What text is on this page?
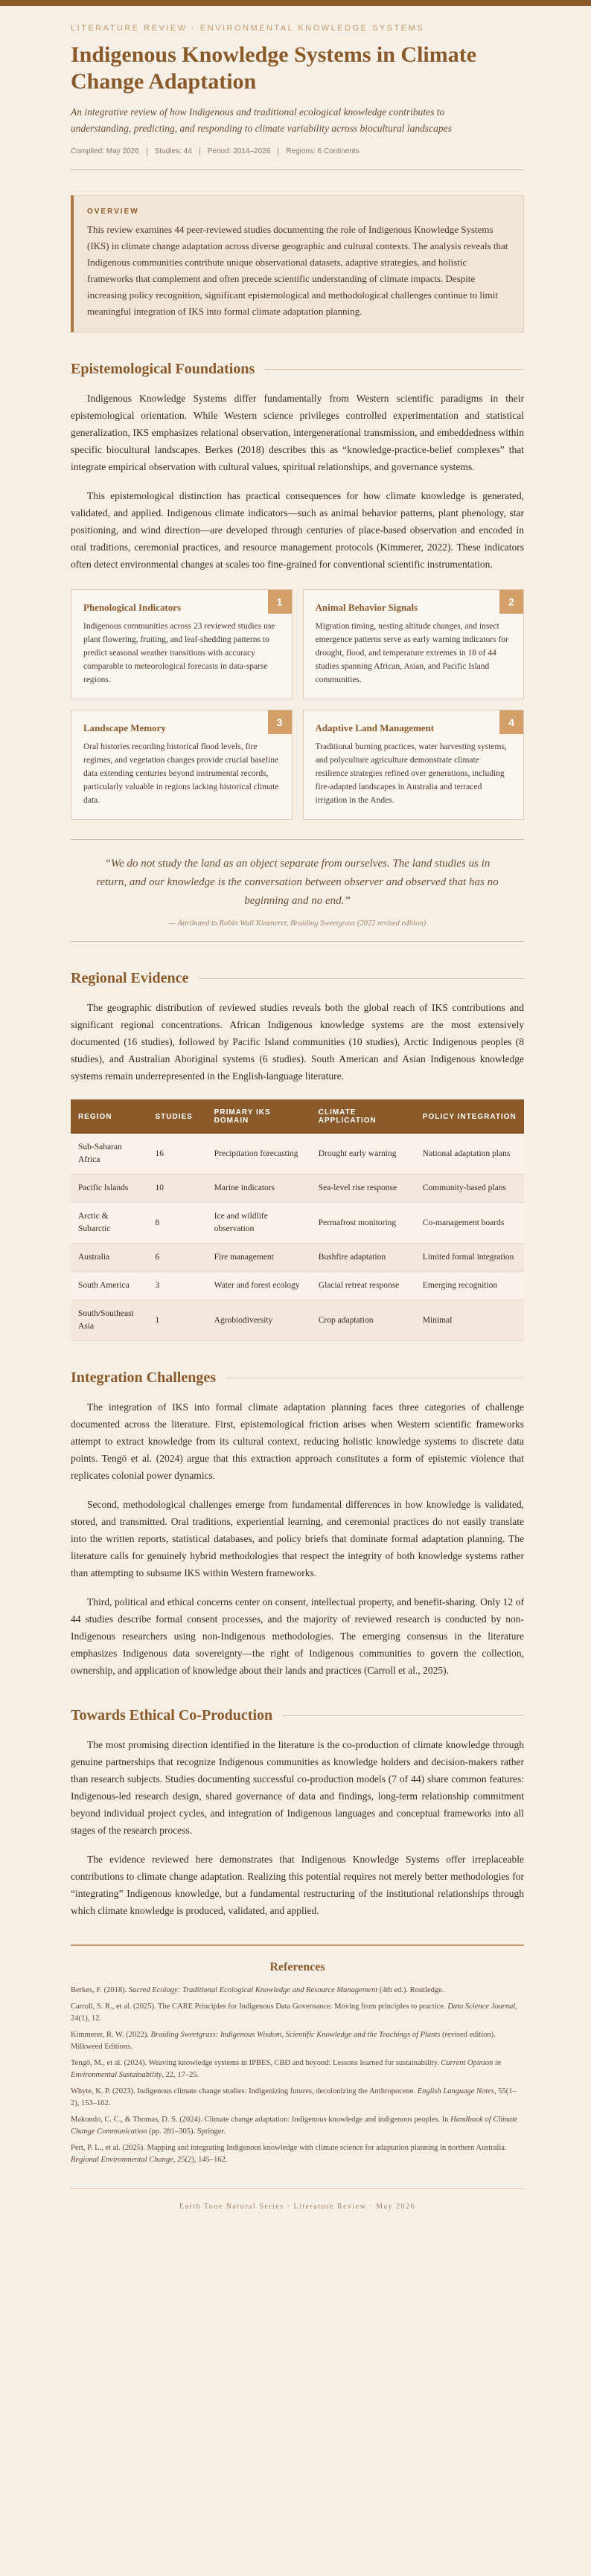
LITERATURE REVIEW · ENVIRONMENTAL KNOWLEDGE SYSTEMS
Indigenous Knowledge Systems in Climate Change Adaptation
An integrative review of how Indigenous and traditional ecological knowledge contributes to understanding, predicting, and responding to climate variability across biocultural landscapes
Compiled: May 2026	Studies: 44	Period: 2014–2026	Regions: 6 Continents
OVERVIEW

This review examines 44 peer-reviewed studies documenting the role of Indigenous Knowledge Systems (IKS) in climate change adaptation across diverse geographic and cultural contexts. The analysis reveals that Indigenous communities contribute unique observational datasets, adaptive strategies, and holistic frameworks that complement and often precede scientific understanding of climate impacts. Despite increasing policy recognition, significant epistemological and methodological challenges continue to limit meaningful integration of IKS into formal climate adaptation planning.

Epistemological Foundations

Indigenous Knowledge Systems differ fundamentally from Western scientific paradigms in their epistemological orientation. While Western science privileges controlled experimentation and statistical generalization, IKS emphasizes relational observation, intergenerational transmission, and embeddedness within specific biocultural landscapes. Berkes (2018) describes this as “knowledge-practice-belief complexes” that integrate empirical observation with cultural values, spiritual relationships, and governance systems.

This epistemological distinction has practical consequences for how climate knowledge is generated, validated, and applied. Indigenous climate indicators—such as animal behavior patterns, plant phenology, star positioning, and wind direction—are developed through centuries of place-based observation and encoded in oral traditions, ceremonial practices, and resource management protocols (Kimmerer, 2022). These indicators often detect environmental changes at scales too fine-grained for conventional scientific instrumentation.

1
Phenological Indicators

Indigenous communities across 23 reviewed studies use plant flowering, fruiting, and leaf-shedding patterns to predict seasonal weather transitions with accuracy comparable to meteorological forecasts in data-sparse regions.

2
Animal Behavior Signals

Migration timing, nesting altitude changes, and insect emergence patterns serve as early warning indicators for drought, flood, and temperature extremes in 18 of 44 studies spanning African, Asian, and Pacific Island communities.

3
Landscape Memory

Oral histories recording historical flood levels, fire regimes, and vegetation changes provide crucial baseline data extending centuries beyond instrumental records, particularly valuable in regions lacking historical climate data.

4
Adaptive Land Management

Traditional burning practices, water harvesting systems, and polyculture agriculture demonstrate climate resilience strategies refined over generations, including fire-adapted landscapes in Australia and terraced irrigation in the Andes.

“We do not study the land as an object separate from ourselves. The land studies us in return, and our knowledge is the conversation between observer and observed that has no beginning and no end.”
— Attributed to Robin Wall Kimmerer, Braiding Sweetgrass (2022 revised edition)
Regional Evidence

The geographic distribution of reviewed studies reveals both the global reach of IKS contributions and significant regional concentrations. African Indigenous knowledge systems are the most extensively documented (16 studies), followed by Pacific Island communities (10 studies), Arctic Indigenous peoples (8 studies), and Australian Aboriginal systems (6 studies). South American and Asian Indigenous knowledge systems remain underrepresented in the English-language literature.

REGION	STUDIES	PRIMARY IKS DOMAIN	CLIMATE APPLICATION	POLICY INTEGRATION
Sub-Saharan Africa	16	Precipitation forecasting	Drought early warning	National adaptation plans
Pacific Islands	10	Marine indicators	Sea-level rise response	Community-based plans
Arctic & Subarctic	8	Ice and wildlife observation	Permafrost monitoring	Co-management boards
Australia	6	Fire management	Bushfire adaptation	Limited formal integration
South America	3	Water and forest ecology	Glacial retreat response	Emerging recognition
South/Southeast Asia	1	Agrobiodiversity	Crop adaptation	Minimal
Integration Challenges

The integration of IKS into formal climate adaptation planning faces three categories of challenge documented across the literature. First, epistemological friction arises when Western scientific frameworks attempt to extract knowledge from its cultural context, reducing holistic knowledge systems to discrete data points. Tengö et al. (2024) argue that this extraction approach constitutes a form of epistemic violence that replicates colonial power dynamics.

Second, methodological challenges emerge from fundamental differences in how knowledge is validated, stored, and transmitted. Oral traditions, experiential learning, and ceremonial practices do not easily translate into the written reports, statistical databases, and policy briefs that dominate formal adaptation planning. The literature calls for genuinely hybrid methodologies that respect the integrity of both knowledge systems rather than attempting to subsume IKS within Western frameworks.

Third, political and ethical concerns center on consent, intellectual property, and benefit-sharing. Only 12 of 44 studies describe formal consent processes, and the majority of reviewed research is conducted by non-Indigenous researchers using non-Indigenous methodologies. The emerging consensus in the literature emphasizes Indigenous data sovereignty—the right of Indigenous communities to govern the collection, ownership, and application of knowledge about their lands and practices (Carroll et al., 2025).

Towards Ethical Co-Production

The most promising direction identified in the literature is the co-production of climate knowledge through genuine partnerships that recognize Indigenous communities as knowledge holders and decision-makers rather than research subjects. Studies documenting successful co-production models (7 of 44) share common features: Indigenous-led research design, shared governance of data and findings, long-term relationship commitment beyond individual project cycles, and integration of Indigenous languages and conceptual frameworks into all stages of the research process.

The evidence reviewed here demonstrates that Indigenous Knowledge Systems offer irreplaceable contributions to climate change adaptation. Realizing this potential requires not merely better methodologies for “integrating” Indigenous knowledge, but a fundamental restructuring of the institutional relationships through which climate knowledge is produced, validated, and applied.

References
Berkes, F. (2018). Sacred Ecology: Traditional Ecological Knowledge and Resource Management (4th ed.). Routledge.
Carroll, S. R., et al. (2025). The CARE Principles for Indigenous Data Governance: Moving from principles to practice. Data Science Journal, 24(1), 12.
Kimmerer, R. W. (2022). Braiding Sweetgrass: Indigenous Wisdom, Scientific Knowledge and the Teachings of Plants (revised edition). Milkweed Editions.
Tengö, M., et al. (2024). Weaving knowledge systems in IPBES, CBD and beyond: Lessons learned for sustainability. Current Opinion in Environmental Sustainability, 22, 17–25.
Whyte, K. P. (2023). Indigenous climate change studies: Indigenizing futures, decolonizing the Anthropocene. English Language Notes, 55(1–2), 153–162.
Makondo, C. C., & Thomas, D. S. (2024). Climate change adaptation: Indigenous knowledge and indigenous peoples. In Handbook of Climate Change Communication (pp. 281–305). Springer.
Pert, P. L., et al. (2025). Mapping and integrating Indigenous knowledge with climate science for adaptation planning in northern Australia. Regional Environmental Change, 25(2), 145–162.
Earth Tone Natural Series · Literature Review · May 2026
